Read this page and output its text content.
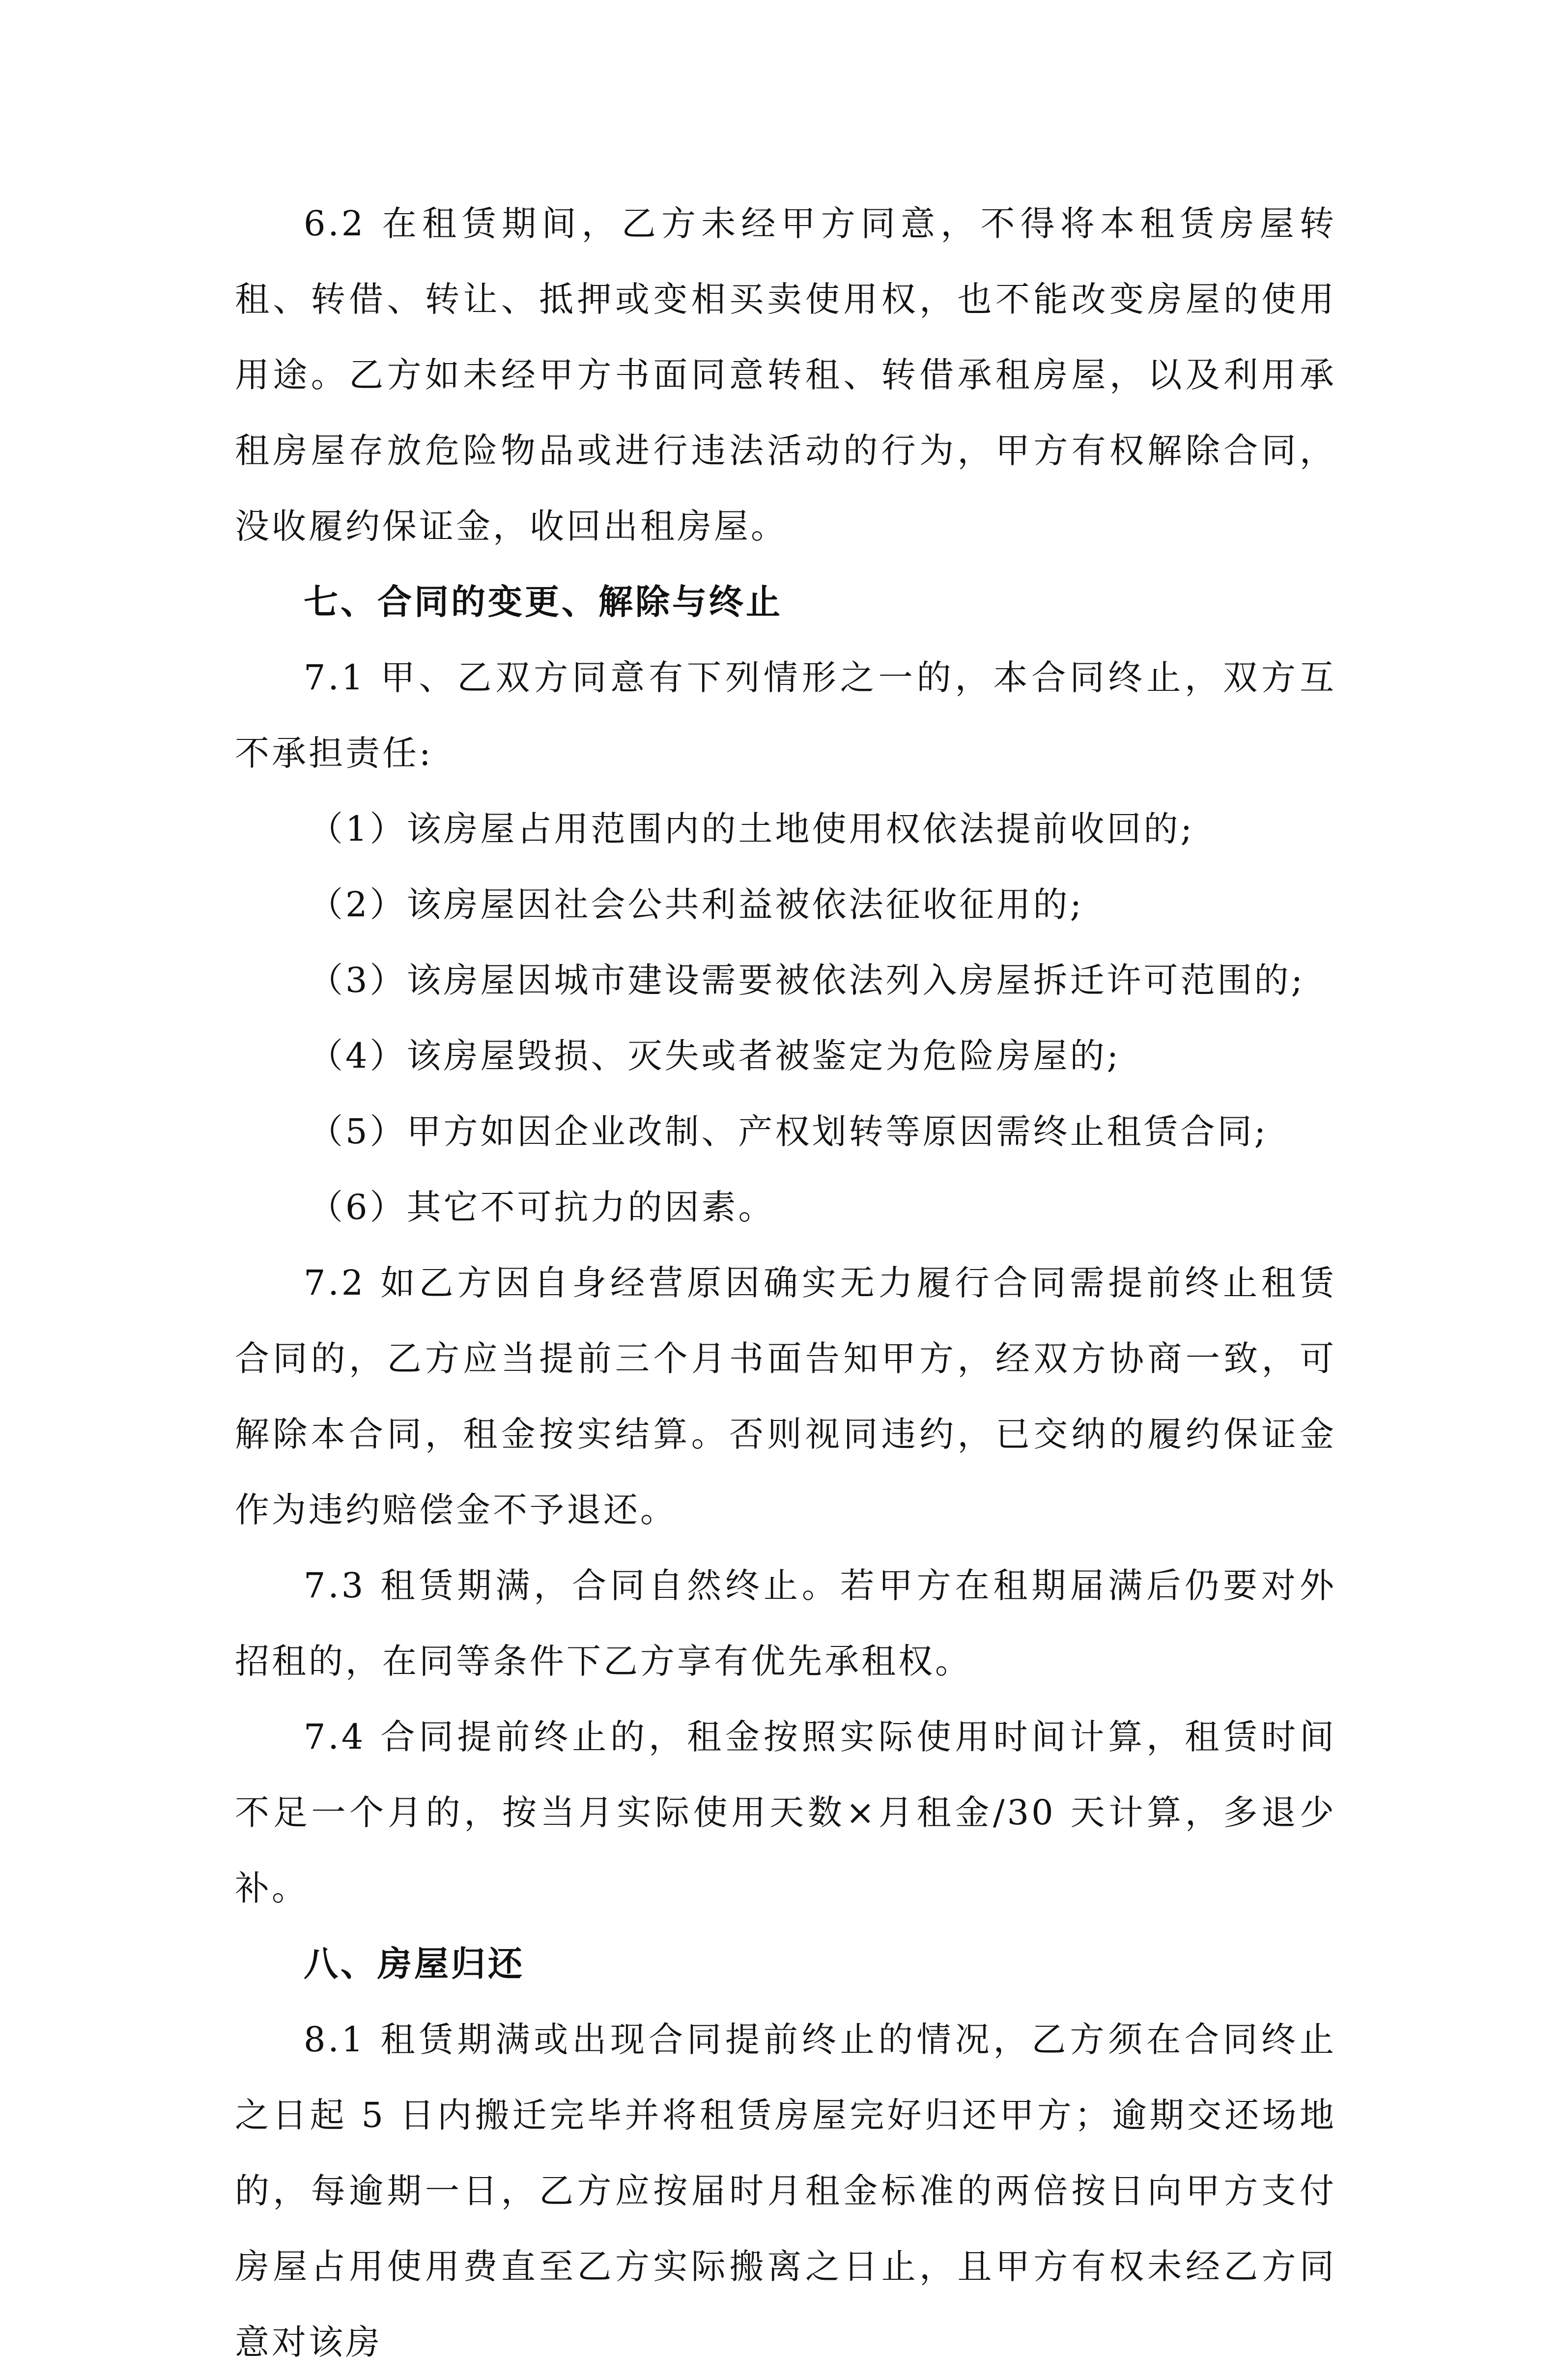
6.2 在租赁期间，乙方未经甲方同意，不得将本租赁房屋转租、转借、转让、抵押或变相买卖使用权，也不能改变房屋的使用用途。乙方如未经甲方书面同意转租、转借承租房屋，以及利用承租房屋存放危险物品或进行违法活动的行为，甲方有权解除合同，没收履约保证金，收回出租房屋。

七、合同的变更、解除与终止

7.1 甲、乙双方同意有下列情形之一的，本合同终止，双方互不承担责任:

（1）该房屋占用范围内的土地使用权依法提前收回的;

（2）该房屋因社会公共利益被依法征收征用的;

（3）该房屋因城市建设需要被依法列入房屋拆迁许可范围的;

（4）该房屋毁损、灭失或者被鉴定为危险房屋的;

（5）甲方如因企业改制、产权划转等原因需终止租赁合同;

（6）其它不可抗力的因素。

7.2 如乙方因自身经营原因确实无力履行合同需提前终止租赁合同的，乙方应当提前三个月书面告知甲方，经双方协商一致，可解除本合同，租金按实结算。否则视同违约，已交纳的履约保证金作为违约赔偿金不予退还。

7.3 租赁期满，合同自然终止。若甲方在租期届满后仍要对外招租的，在同等条件下乙方享有优先承租权。

7.4 合同提前终止的，租金按照实际使用时间计算，租赁时间不足一个月的，按当月实际使用天数×月租金/30 天计算，多退少补。

八、房屋归还

8.1 租赁期满或出现合同提前终止的情况，乙方须在合同终止之日起 5 日内搬迁完毕并将租赁房屋完好归还甲方；逾期交还场地的，每逾期一日，乙方应按届时月租金标准的两倍按日向甲方支付房屋占用使用费直至乙方实际搬离之日止，且甲方有权未经乙方同意对该房
